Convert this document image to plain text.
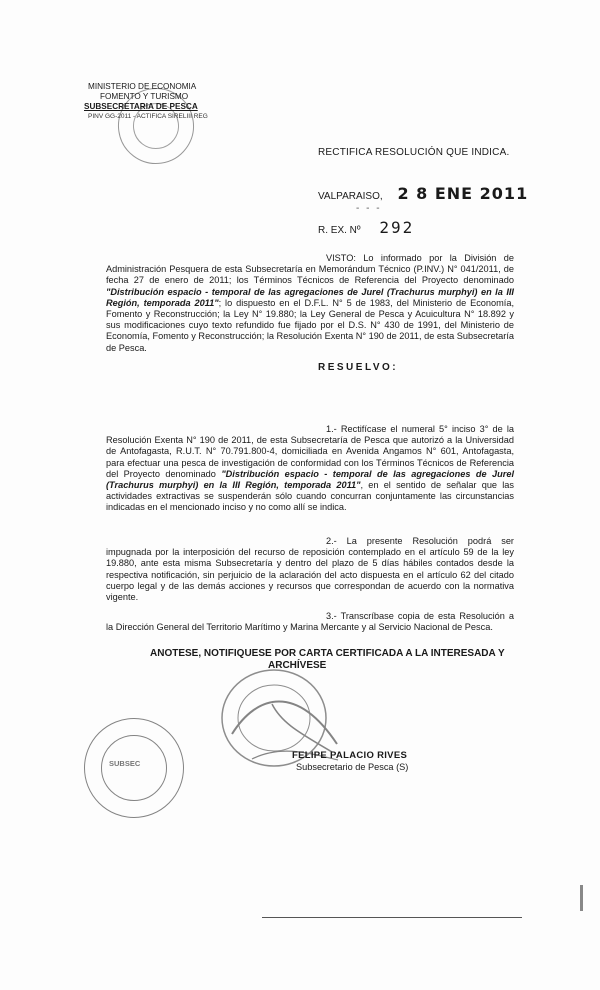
MINISTERIO DE ECONOMIA
FOMENTO Y TURISMO
SUBSECRETARIA DE PESCA
PINV GG-2011 - ACTIFICA SIRELIII REG
RECTIFICA RESOLUCIÓN QUE INDICA.
VALPARAISO, 2 8 ENE 2011
- - -
R. EX. Nº 292
VISTO: Lo informado por la División de Administración Pesquera de esta Subsecretaría en Memorándum Técnico (P.INV.) N° 041/2011, de fecha 27 de enero de 2011; los Términos Técnicos de Referencia del Proyecto denominado "Distribución espacio - temporal de las agregaciones de Jurel (Trachurus murphyi) en la III Región, temporada 2011"; lo dispuesto en el D.F.L. N° 5 de 1983, del Ministerio de Economía, Fomento y Reconstrucción; la Ley N° 19.880; la Ley General de Pesca y Acuicultura N° 18.892 y sus modificaciones cuyo texto refundido fue fijado por el D.S. N° 430 de 1991, del Ministerio de Economía, Fomento y Reconstrucción; la Resolución Exenta N° 190 de 2011, de esta Subsecretaría de Pesca.
RESUELVO:
1.- Rectifícase el numeral 5° inciso 3° de la Resolución Exenta N° 190 de 2011, de esta Subsecretaría de Pesca que autorizó a la Universidad de Antofagasta, R.U.T. N° 70.791.800-4, domiciliada en Avenida Angamos N° 601, Antofagasta, para efectuar una pesca de investigación de conformidad con los Términos Técnicos de Referencia del Proyecto denominado "Distribución espacio - temporal de las agregaciones de Jurel (Trachurus murphyi) en la III Región, temporada 2011", en el sentido de señalar que las actividades extractivas se suspenderán sólo cuando concurran conjuntamente las circunstancias indicadas en el mencionado inciso y no como allí se indica.
2.- La presente Resolución podrá ser impugnada por la interposición del recurso de reposición contemplado en el artículo 59 de la ley 19.880, ante esta misma Subsecretaría y dentro del plazo de 5 días hábiles contados desde la respectiva notificación, sin perjuicio de la aclaración del acto dispuesta en el artículo 62 del citado cuerpo legal y de las demás acciones y recursos que correspondan de acuerdo con la normativa vigente.
3.- Transcríbase copia de esta Resolución a la Dirección General del Territorio Marítimo y Marina Mercante y al Servicio Nacional de Pesca.
ANOTESE, NOTIFIQUESE POR CARTA CERTIFICADA A LA INTERESADA Y
ARCHÍVESE
SUBSEC
FELIPE PALACIO RIVES
Subsecretario de Pesca (S)
